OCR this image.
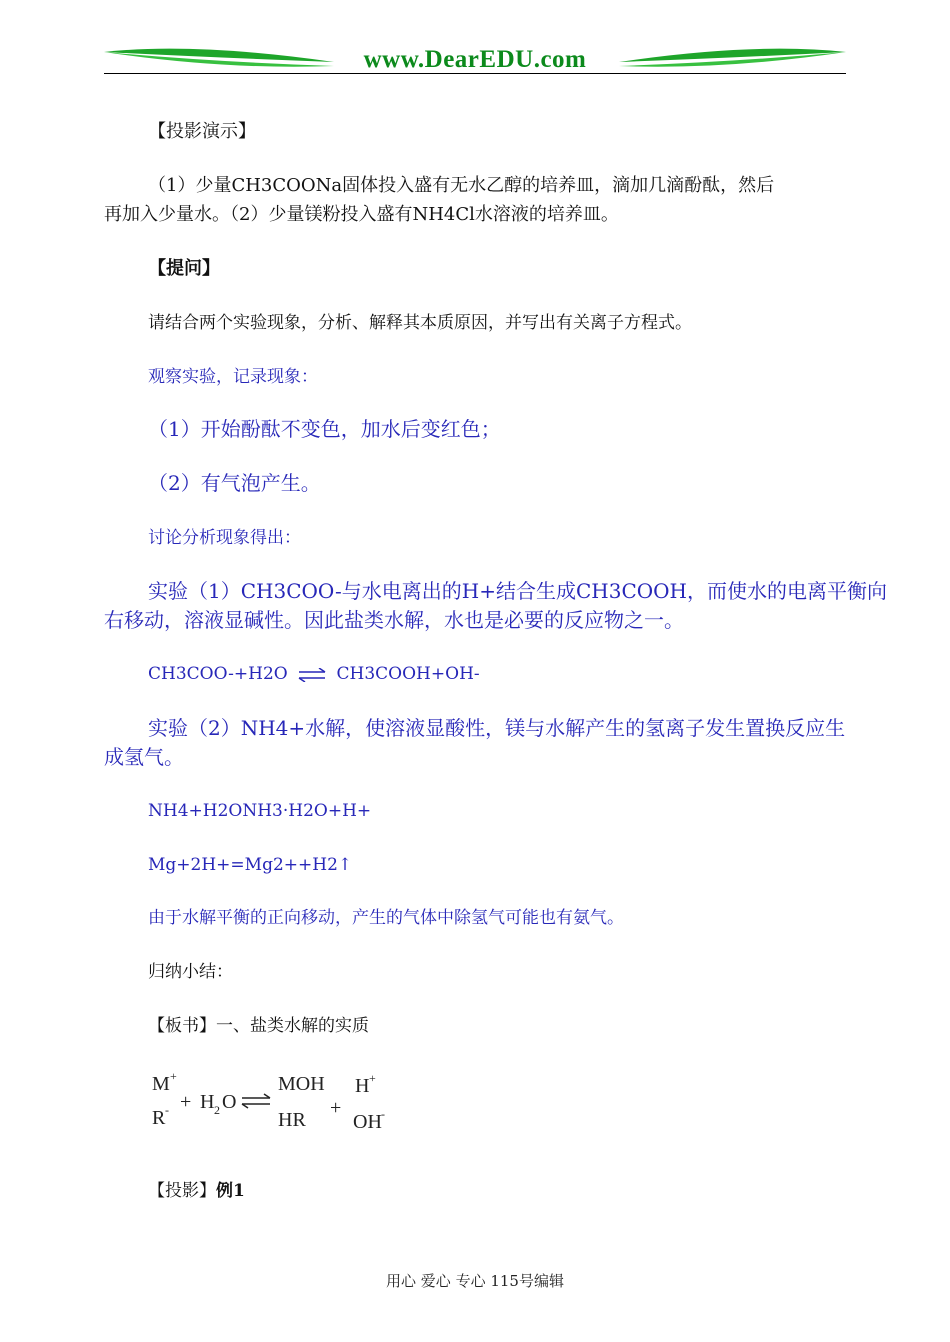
www.DearEDU.com
【投影演示】
（1）少量CH3COONa固体投入盛有无水乙醇的培养皿，滴加几滴酚酞，然后
再加入少量水。（2）少量镁粉投入盛有NH4Cl水溶液的培养皿。
【提问】
请结合两个实验现象，分析、解释其本质原因，并写出有关离子方程式。
观察实验，记录现象：
（1）开始酚酞不变色，加水后变红色；
（2）有气泡产生。
讨论分析现象得出：
实验（1）CH3COO-与水电离出的H+结合生成CH3COOH，而使水的电离平衡向
右移动，溶液显碱性。因此盐类水解，水也是必要的反应物之一。
CH3COO-+H2O ⇌ CH3COOH+OH-
实验（2）NH4+水解，使溶液显酸性，镁与水解产生的氢离子发生置换反应生
成氢气。
NH4+H2ONH3·H2O+H+
Mg+2H+=Mg2++H2↑
由于水解平衡的正向移动，产生的气体中除氢气可能也有氨气。
归纳小结：
【板书】一、盐类水解的实质
M +
R - + H 2 O
MOH
HR
+
H +
OH -
【投影】例1
用心 爱心 专心 115号编辑
